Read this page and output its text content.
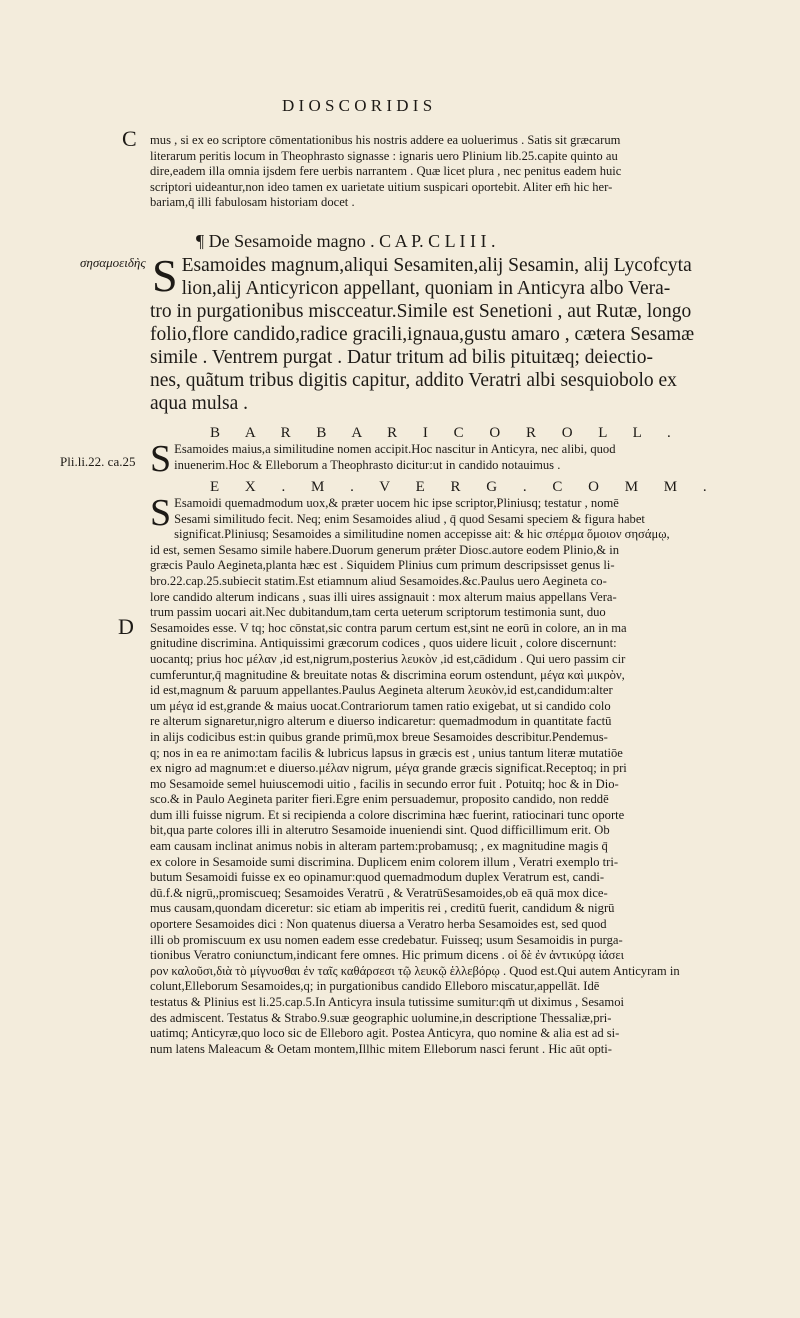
D I O S C O R I D I S
C
σησαμοειδὴς
Pli.li.22. ca.25
D

mus , si ex eo scriptore cōmentationibus his nostris addere ea uoluerimus . Satis sit græcarum

literarum peritis locum in Theophrasto signasse : ignaris uero Plinium lib.25.capite quinto au

dire,eadem illa omnia ijsdem fere uerbis narrantem . Quæ licet plura , nec penitus eadem huic

scriptori uideantur,non ideo tamen ex uarietate uitium suspicari oportebit. Aliter em̄ hic her-

bariam,q̄ illi fabulosam historiam docet .

¶ De Sesamoide magno . C A P. C L I I I .
S Esamoides magnum,aliqui Sesamiten,alij Sesamin, alij Lycofcyta

lion,alij Anticyricon appellant, quoniam in Anticyra albo Vera-

tro in purgationibus miscceatur.Simile est Senetioni , aut Rutæ, longo

folio,flore candido,radice gracili,ignaua,gustu amaro , cætera Sesamæ

simile . Ventrem purgat . Datur tritum ad bilis pituitæq; deiectio-

nes, quãtum tribus digitis capitur, addito Veratri albi sesquiobolo ex

aqua mulsa .

B A R B A R I C O R O L L .
S Esamoides maius,a similitudine nomen accipit.Hoc nascitur in Anticyra, nec alibi, quod

inuenerim.Hoc & Elleborum a Theophrasto dicitur:ut in candido notauimus .

E X . M . V E R G . C O M M .
S Esamoidi quemadmodum uox,& præter uocem hic ipse scriptor,Pliniusq; testatur , nomē

Sesami similitudo fecit. Neq; enim Sesamoides aliud , q̄ quod Sesami speciem & figura habet

significat.Pliniusq; Sesamoides a similitudine nomen accepisse ait: & hic σπέρμα ὅμοιον σησάμῳ,

id est, semen Sesamo simile habere.Duorum generum prǽter Diosc.autore eodem Plinio,& in

græcis Paulo Aegineta,planta hæc est . Siquidem Plinius cum primum descripsisset genus li-

bro.22.cap.25.subiecit statim.Est etiamnum aliud Sesamoides.&c.Paulus uero Aegineta co-

lore candido alterum indicans , suas illi uires assignauit : mox alterum maius appellans Vera-

trum passim uocari ait.Nec dubitandum,tam certa ueterum scriptorum testimonia sunt, duo

Sesamoides esse. V tq; hoc cōnstat,sic contra parum certum est,sint ne eorū in colore, an in ma

gnitudine discrimina. Antiquissimi græcorum codices , quos uidere licuit , colore discernunt:

uocantq; prius hoc μέλαν ,id est,nigrum,posterius λευκὸν ,id est,cādidum . Qui uero passim cir

cumferuntur,q̄ magnitudine & breuitate notas & discrimina eorum ostendunt, μέγα καὶ μικρὸν,

id est,magnum & paruum appellantes.Paulus Aegineta alterum λευκὸν,id est,candidum:alter

um μέγα id est,grande & maius uocat.Contrariorum tamen ratio exigebat, ut si candido colo

re alterum signaretur,nigro alterum e diuerso indicaretur: quemadmodum in quantitate factū

in alijs codicibus est:in quibus grande primū,mox breue Sesamoides describitur.Pendemus-

q; nos in ea re animo:tam facilis & lubricus lapsus in græcis est , unius tantum literæ mutatiōe

ex nigro ad magnum:et e diuerso.μέλαν nigrum, μέγα grande græcis significat.Receptoq; in pri

mo Sesamoide semel huiuscemodi uitio , facilis in secundo error fuit . Potuitq; hoc & in Dio-

sco.& in Paulo Aegineta pariter fieri.Egre enim persuademur, proposito candido, non reddē

dum illi fuisse nigrum. Et si recipienda a colore discrimina hæc fuerint, ratiocinari tunc oporte

bit,qua parte colores illi in alterutro Sesamoide inueniendi sint. Quod difficillimum erit. Ob

eam causam inclinat animus nobis in alteram partem:probamusq; , ex magnitudine magis q̄

ex colore in Sesamoide sumi discrimina. Duplicem enim colorem illum , Veratri exemplo tri-

butum Sesamoidi fuisse ex eo opinamur:quod quemadmodum duplex Veratrum est, candi-

dū.f.& nigrū,,promiscueq; Sesamoides Veratrū , & VeratrūSesamoides,ob eā quā mox dice-

mus causam,quondam diceretur: sic etiam ab imperitis rei , creditū fuerit, candidum & nigrū

oportere Sesamoides dici : Non quatenus diuersa a Veratro herba Sesamoides est, sed quod

illi ob promiscuum ex usu nomen eadem esse credebatur. Fuisseq; usum Sesamoidis in purga-

tionibus Veratro coniunctum,indicant fere omnes. Hic primum dicens . οἱ δὲ ἐν ἀντικύρᾳ ἰάσει

ρον καλοῦσι,διὰ τὸ μίγνυσθαι ἐν ταῖς καθάρσεσι τῷ λευκῷ ἑλλεβόρῳ . Quod est.Qui autem Anticyram in

colunt,Elleborum Sesamoides,q; in purgationibus candido Elleboro miscatur,appellāt. Idē

testatus & Plinius est li.25.cap.5.In Anticyra insula tutissime sumitur:qm̄ ut diximus , Sesamoi

des admiscent. Testatus & Strabo.9.suæ geographic uolumine,in descriptione Thessaliæ,pri-

uatimq; Anticyræ,quo loco sic de Elleboro agit. Postea Anticyra, quo nomine & alia est ad si-

num latens Maleacum & Oetam montem,Illhic mitem Elleborum nasci ferunt . Hic aūt opti-
